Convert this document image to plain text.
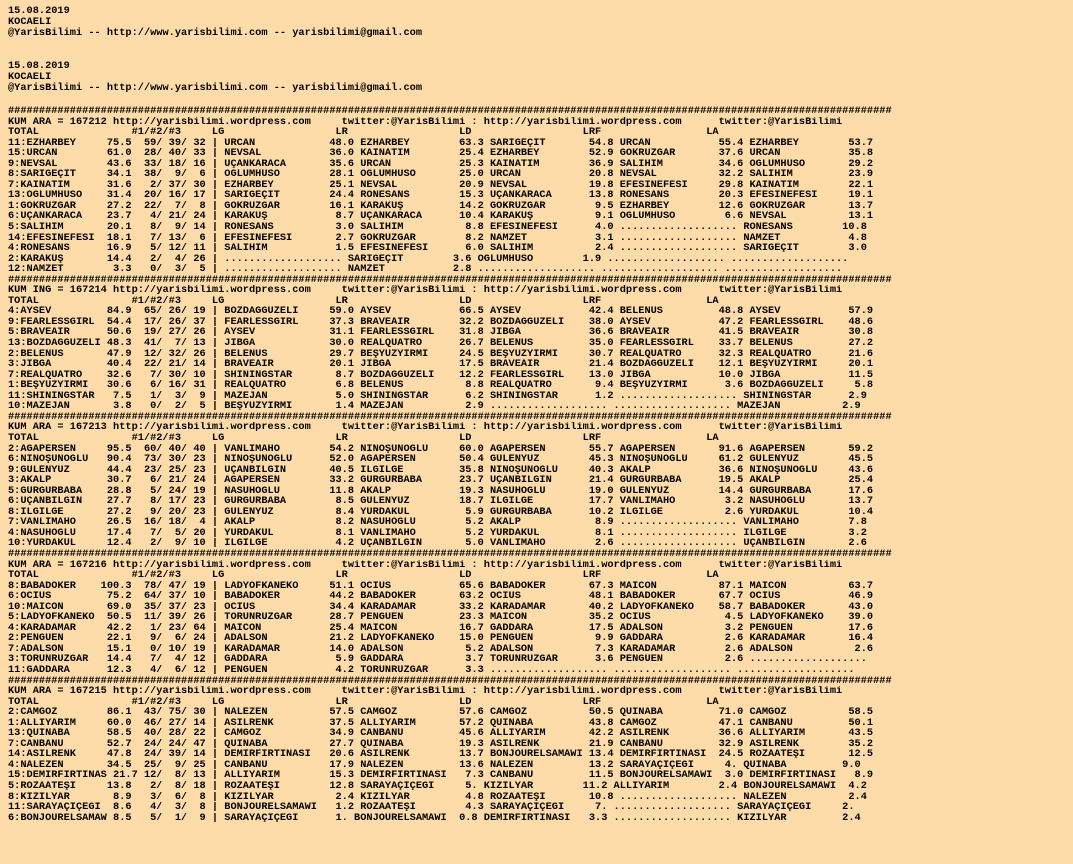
15.08.2019
KOCAELI
@YarisBilimi -- http://www.yarisbilimi.com -- yarisbilimi@gmail.com
15.08.2019
KOCAELI
@YarisBilimi -- http://www.yarisbilimi.com -- yarisbilimi@gmail.com
###############################################################################################################################################
KUM ARA = 167212 http://yarisbilimi.wordpress.com     twitter:@YarisBilimi : http://yarisbilimi.wordpress.com      twitter:@YarisBilimi
TOTAL               #1/#2/#3     LG                  LR                  LD                  LRF                 LA
11:EZHARBEY     75.5  59/ 39/ 32 | ÜRCAN            48.0 EZHARBEY        63.3 SARIGEÇİT       54.8 ÜRCAN           55.4 EZHARBEY        53.7
15:ÜRCAN        61.0  28/ 40/ 33 | NEVSAL           36.0 KAINATIM        25.4 EZHARBEY        52.9 GÖKRÜZGAR       37.6 ÜRCAN           35.8
9:NEVSAL        43.6  33/ 18/ 16 | UÇANKARACA       35.6 ÜRCAN           25.3 KAINATIM        36.9 SALİHİM         34.6 OGLUMHÜSO       29.2
8:SARIGEÇİT     34.1  38/  9/  6 | OGLUMHÜSO        28.1 OGLUMHÜSO       25.0 ÜRCAN           20.8 NEVSAL          32.2 SALİHİM         23.9
7:KAINATIM      31.6   2/ 37/ 30 | EZHARBEY         25.1 NEVSAL          20.9 NEVSAL          19.8 EFESİNEFESİ     29.8 KAINATIM        22.1
13:OGLUMHÜSO    31.4  20/ 16/ 17 | SARIGEÇİT        24.4 RONESANS        15.3 UÇANKARACA      13.8 RONESANS        20.3 EFESİNEFESİ     19.1
1:GÖKRÜZGAR     27.2  22/  7/  8 | GÖKRÜZGAR        16.1 KARAKUŞ         14.2 GÖKRÜZGAR        9.5 EZHARBEY        12.6 GÖKRÜZGAR       13.7
6:UÇANKARACA    23.7   4/ 21/ 24 | KARAKUŞ           8.7 UÇANKARACA      10.4 KARAKUŞ          9.1 OGLUMHÜSO        6.6 NEVSAL          13.1
5:SALİHİM       20.1   8/  9/ 14 | RONESANS          3.0 SALİHİM          8.8 EFESİNEFESİ      4.0 ................... RONESANS        10.8
14:EFESİNEFESİ  18.1   7/ 13/  6 | EFESİNEFESİ       2.7 GÖKRÜZGAR        8.2 NAMZET           3.1 ................... NAMZET           4.8
4:RONESANS      16.9   5/ 12/ 11 | SALİHİM           1.5 EFESİNEFESİ      6.0 SALİHİM          2.4 ................... SARIGEÇİT        3.0
2:KARAKUŞ       14.4   2/  4/ 26 | ................... SARIGEÇİT        3.6 OGLUMHÜSO        1.9 ................... ...................
12:NAMZET        3.3   0/  3/  5 | ................... NAMZET           2.8 ................... ................... ...................
###############################################################################################################################################
KUM ING = 167214 http://yarisbilimi.wordpress.com     twitter:@YarisBilimi : http://yarisbilimi.wordpress.com      twitter:@YarisBilimi
TOTAL               #1/#2/#3     LG                  LR                  LD                  LRF                 LA
4:AYSEV         84.9  65/ 26/ 19 | BOZDAĞGÜZELİ     59.0 AYSEV           66.5 AYSEV           42.4 BELENUS         48.8 AYSEV           57.9
9:FEARLESSGIRL  54.4  17/ 26/ 37 | FEARLESSGIRL     37.3 BRAVEAIR        32.2 BOZDAĞGÜZELİ    38.0 AYSEV           47.2 FEARLESSGIRL    48.6
5:BRAVEAIR      50.6  19/ 27/ 26 | AYSEV            31.1 FEARLESSGIRL    31.8 JIBGA           36.6 BRAVEAIR        41.5 BRAVEAIR        30.8
13:BOZDAĞGÜZELİ 48.3  41/  7/ 13 | JIBGA            30.0 REALQUATRO      26.7 BELENUS         35.0 FEARLESSGIRL    33.7 BELENUS         27.2
2:BELENUS       47.9  12/ 32/ 26 | BELENUS          29.7 BEŞYÜZYİRMİ     24.5 BEŞYÜZYİRMİ     30.7 REALQUATRO      32.3 REALQUATRO      21.6
3:JIBGA         40.4  22/ 21/ 14 | BRAVEAIR         20.1 JIBGA           17.5 BRAVEAIR        21.4 BOZDAĞGÜZELİ    12.1 BEŞYÜZYİRMİ     20.1
7:REALQUATRO    32.6   7/ 30/ 10 | SHININGSTAR       8.7 BOZDAĞGÜZELİ    12.2 FEARLESSGIRL    13.0 JIBGA           10.0 JIBGA           11.5
1:BEŞYÜZYİRMİ   30.6   6/ 16/ 31 | REALQUATRO        6.8 BELENUS          8.8 REALQUATRO       9.4 BEŞYÜZYİRMİ      3.6 BOZDAĞGÜZELİ     5.8
11:SHININGSTAR   7.5   1/  3/  9 | MAZEJAN           5.0 SHININGSTAR      6.2 SHININGSTAR      1.2 ................... SHININGSTAR      2.9
10:MAZEJAN       3.8   0/  2/  5 | BEŞYÜZYİRMİ       1.4 MAZEJAN          2.9 ................... ................... MAZEJAN          2.9
###############################################################################################################################################
KUM ARA = 167213 http://yarisbilimi.wordpress.com     twitter:@YarisBilimi : http://yarisbilimi.wordpress.com      twitter:@YarisBilimi
TOTAL               #1/#2/#3     LG                  LR                  LD                  LRF                 LA
2:AGAPERSEN     95.5  60/ 40/ 40 | VANLIMAHO        54.2 NİNOŞUNOĞLU     60.0 AGAPERSEN       55.7 AGAPERSEN       91.6 AGAPERSEN       59.2
6:NİNOŞUNOĞLU   90.4  73/ 30/ 23 | NİNOŞUNOĞLU      52.0 AGAPERSEN       50.4 GÜLENYÜZ        45.3 NİNOŞUNOĞLU     61.2 GÜLENYÜZ        45.5
9:GÜLENYÜZ      44.4  23/ 25/ 23 | UÇANBİLGİN       40.5 İLGİLGE         35.8 NİNOŞUNOĞLU     40.3 AKALP           36.6 NİNOŞUNOĞLU     43.6
3:AKALP         30.7   6/ 21/ 24 | AGAPERSEN        33.2 GURGURBABA      23.7 UÇANBİLGİN      21.4 GURGURBABA      19.5 AKALP           25.4
5:GURGURBABA    28.8   5/ 24/ 19 | NASUHOĞLU        11.8 AKALP           19.3 NASUHOĞLU       19.0 GÜLENYÜZ        14.4 GURGURBABA      17.6
6:UÇANBİLGİN    27.7   8/ 17/ 23 | GURGURBABA        8.5 GÜLENYÜZ        18.7 İLGİLGE         17.7 VANLIMAHO        3.2 NASUHOĞLU       13.7
8:İLGİLGE       27.2   9/ 20/ 23 | GÜLENYÜZ          8.4 YURDAKUL         5.9 GURGURBABA      10.2 İLGİLGE          2.6 YURDAKUL        10.4
7:VANLIMAHO     26.5  16/ 18/  4 | AKALP             8.2 NASUHOĞLU        5.2 AKALP            8.9 ................... VANLIMAHO        7.8
4:NASUHOĞLU     17.4   7/  5/ 20 | YURDAKUL          8.1 VANLIMAHO        5.2 YURDAKUL         8.1 ................... İLGİLGE          3.2
10:YURDAKUL     12.4   2/  9/ 10 | İLGİLGE           4.2 UÇANBİLGİN       5.0 VANLIMAHO        2.6 ................... UÇANBİLGİN       2.6
###############################################################################################################################################
KUM ARA = 167216 http://yarisbilimi.wordpress.com     twitter:@YarisBilimi : http://yarisbilimi.wordpress.com      twitter:@YarisBilimi
TOTAL               #1/#2/#3     LG                  LR                  LD                  LRF                 LA
8:BABADÖKER    100.3  78/ 47/ 19 | LADYOFKANEKO     51.1 OCIUS           65.6 BABADÖKER       67.3 MAICON          87.1 MAICON          63.7
6:OCIUS         75.2  64/ 37/ 10 | BABADÖKER        44.2 BABADÖKER       63.2 OCIUS           48.1 BABADÖKER       67.7 OCIUS           46.9
10:MAICON       69.0  35/ 37/ 23 | OCIUS            34.4 KARADAMAR       33.2 KARADAMAR       40.2 LADYOFKANEKO    58.7 BABADÖKER       43.0
5:LADYOFKANEKO  50.5  11/ 39/ 26 | TORUNRÜZGAR      28.7 PENGUEN         23.3 MAICON          35.2 OCIUS            4.5 LADYOFKANEKO    39.0
4:KARADAMAR     42.2   1/ 23/ 64 | MAICON           25.4 MAICON          16.7 GADDARA         17.5 ADALSON          3.2 PENGUEN         17.6
2:PENGUEN       22.1   9/  6/ 24 | ADALSON          21.2 LADYOFKANEKO    15.0 PENGUEN          9.9 GADDARA          2.6 KARADAMAR       16.4
7:ADALSON       15.1   0/ 10/ 19 | KARADAMAR        14.0 ADALSON          5.2 ADALSON          7.3 KARADAMAR        2.6 ADALSON          2.6
3:TORUNRÜZGAR   14.4   7/  4/ 12 | GADDARA           5.9 GADDARA          3.7 TORUNRÜZGAR      3.6 PENGUEN          2.6 ...................
11:GADDARA      12.3   4/  6/ 12 | PENGUEN           4.2 TORUNRÜZGAR      3.3 ................... ................... ...................
###############################################################################################################################################
KUM ARA = 167215 http://yarisbilimi.wordpress.com     twitter:@YarisBilimi : http://yarisbilimi.wordpress.com      twitter:@YarisBilimi
TOTAL               #1/#2/#3     LG                  LR                  LD                  LRF                 LA
2:CAMGÖZ        86.1  43/ 75/ 30 | NALEZEN          57.5 CAMGÖZ          57.6 CAMGÖZ          50.5 QUINABA         71.0 CAMGÖZ          58.5
1:ALLIYARİM     60.0  46/ 27/ 14 | ASILRENK         37.5 ALLIYARİM       57.2 QUINABA         43.8 CAMGÖZ          47.1 CANBANU         50.1
13:QUINABA      58.5  40/ 28/ 22 | CAMGÖZ           34.9 CANBANU         45.6 ALLIYARİM       42.2 ASILRENK        36.6 ALLIYARİM       43.5
7:CANBANU       52.7  24/ 24/ 47 | QUINABA          27.7 QUINABA         19.3 ASILRENK        21.9 CANBANU         32.9 ASILRENK        35.2
14:ASILRENK     47.8  24/ 39/ 14 | DEMİRFIRTINASI   20.6 ASILRENK        13.7 BONJOURELSAMAWİ 13.4 DEMİRFIRTINASI  24.5 ROZAATEŞİ       12.5
4:NALEZEN       34.5  25/  9/ 25 | CANBANU          17.9 NALEZEN         13.6 NALEZEN         13.2 SARAYAÇİÇEĞİ     4. QUINABA         9.0
15:DEMİRFIRTINAS 21.7 12/  8/ 13 | ALLIYARİM        15.3 DEMİRFIRTINASI   7.3 CANBANU         11.5 BONJOURELSAMAWİ  3.0 DEMİRFIRTINASI   8.9
5:ROZAATEŞİ     13.8   2/  8/ 18 | ROZAATEŞİ        12.8 SARAYAÇİÇEĞİ     5. KIZILYAR        11.2 ALLIYARİM        2.4 BONJOURELSAMAWİ  4.2
8:KIZILYAR       8.9   3/  6/  8 | KIZILYAR          2.4 KIZILYAR         4.8 ROZAATEŞİ       10.8 ................... NALEZEN          2.4
11:SARAYAÇİÇEĞİ  8.6   4/  3/  8 | BONJOURELSAMAWİ   1.2 ROZAATEŞİ        4.3 SARAYAÇİÇEĞİ     7. ................... SARAYAÇİÇEĞİ     2.
6:BONJOURELSAMAW 8.5   5/  1/  9 | SARAYAÇİÇEĞİ      1. BONJOURELSAMAWİ  0.8 DEMİRFIRTINASI   3.3 ................... KIZILYAR         2.4
